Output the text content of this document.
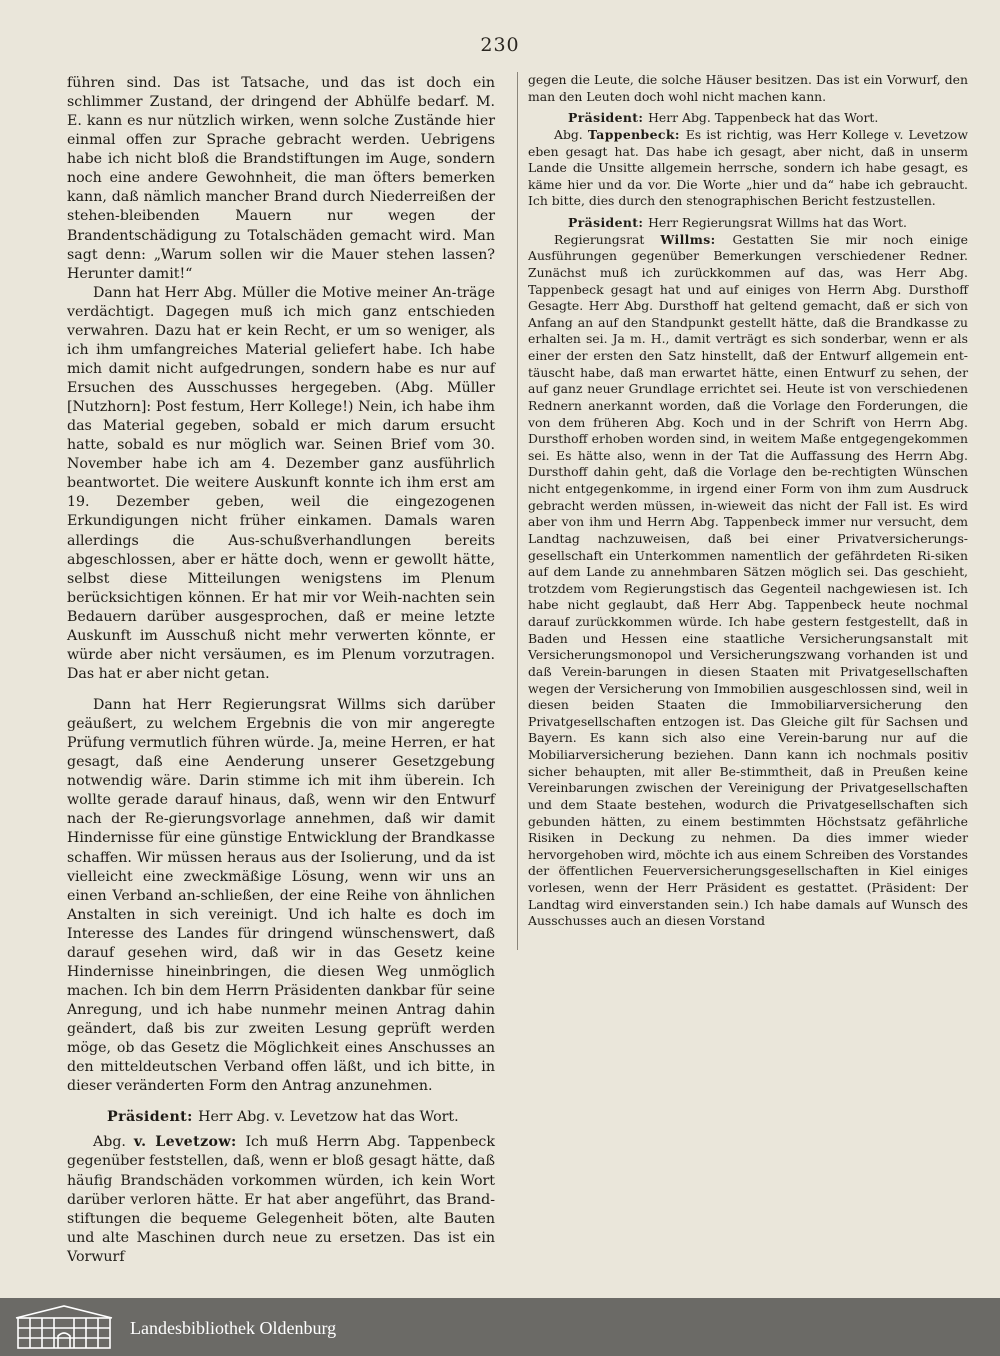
230

führen sind. Das ist Tatsache, und das ist doch ein schlimmer Zustand, der dringend der Abhülfe bedarf. M. E. kann es nur nützlich wirken, wenn solche Zustände hier einmal offen zur Sprache gebracht werden. Uebrigens habe ich nicht bloß die Brandstiftungen im Auge, sondern noch eine andere Gewohnheit, die man öfters bemerken kann, daß nämlich mancher Brand durch Niederreißen der stehen-bleibenden Mauern nur wegen der Brandentschädigung zu Totalschäden gemacht wird. Man sagt denn: „Warum sollen wir die Mauer stehen lassen? Herunter damit!“

Dann hat Herr Abg. Müller die Motive meiner An-träge verdächtigt. Dagegen muß ich mich ganz entschieden verwahren. Dazu hat er kein Recht, er um so weniger, als ich ihm umfangreiches Material geliefert habe. Ich habe mich damit nicht aufgedrungen, sondern habe es nur auf Ersuchen des Ausschusses hergegeben. (Abg. Müller [Nutzhorn]: Post festum, Herr Kollege!) Nein, ich habe ihm das Material gegeben, sobald er mich darum ersucht hatte, sobald es nur möglich war. Seinen Brief vom 30. November habe ich am 4. Dezember ganz ausführlich beantwortet. Die weitere Auskunft konnte ich ihm erst am 19. Dezember geben, weil die eingezogenen Erkundigungen nicht früher einkamen. Damals waren allerdings die Aus-schußverhandlungen bereits abgeschlossen, aber er hätte doch, wenn er gewollt hätte, selbst diese Mitteilungen wenigstens im Plenum berücksichtigen können. Er hat mir vor Weih-nachten sein Bedauern darüber ausgesprochen, daß er meine letzte Auskunft im Ausschuß nicht mehr verwerten könnte, er würde aber nicht versäumen, es im Plenum vorzutragen. Das hat er aber nicht getan.

Dann hat Herr Regierungsrat Willms sich darüber geäußert, zu welchem Ergebnis die von mir angeregte Prüfung vermutlich führen würde. Ja, meine Herren, er hat gesagt, daß eine Aenderung unserer Gesetzgebung notwendig wäre. Darin stimme ich mit ihm überein. Ich wollte gerade darauf hinaus, daß, wenn wir den Entwurf nach der Re-gierungsvorlage annehmen, daß wir damit Hindernisse für eine günstige Entwicklung der Brandkasse schaffen. Wir müssen heraus aus der Isolierung, und da ist vielleicht eine zweckmäßige Lösung, wenn wir uns an einen Verband an-schließen, der eine Reihe von ähnlichen Anstalten in sich vereinigt. Und ich halte es doch im Interesse des Landes für dringend wünschenswert, daß darauf gesehen wird, daß wir in das Gesetz keine Hindernisse hineinbringen, die diesen Weg unmöglich machen. Ich bin dem Herrn Präsidenten dankbar für seine Anregung, und ich habe nunmehr meinen Antrag dahin geändert, daß bis zur zweiten Lesung geprüft werden möge, ob das Gesetz die Möglichkeit eines Anschusses an den mitteldeutschen Verband offen läßt, und ich bitte, in dieser veränderten Form den Antrag anzunehmen.

Präsident: Herr Abg. v. Levetzow hat das Wort.

Abg. v. Levetzow: Ich muß Herrn Abg. Tappenbeck gegenüber feststellen, daß, wenn er bloß gesagt hätte, daß häufig Brandschäden vorkommen würden, ich kein Wort darüber verloren hätte. Er hat aber angeführt, das Brand-stiftungen die bequeme Gelegenheit böten, alte Bauten und alte Maschinen durch neue zu ersetzen. Das ist ein Vorwurf

gegen die Leute, die solche Häuser besitzen. Das ist ein Vorwurf, den man den Leuten doch wohl nicht machen kann.

Präsident: Herr Abg. Tappenbeck hat das Wort.

Abg. Tappenbeck: Es ist richtig, was Herr Kollege v. Levetzow eben gesagt hat. Das habe ich gesagt, aber nicht, daß in unserm Lande die Unsitte allgemein herrsche, sondern ich habe gesagt, es käme hier und da vor. Die Worte „hier und da“ habe ich gebraucht. Ich bitte, dies durch den stenographischen Bericht festzustellen.

Präsident: Herr Regierungsrat Willms hat das Wort.

Regierungsrat Willms: Gestatten Sie mir noch einige Ausführungen gegenüber Bemerkungen verschiedener Redner. Zunächst muß ich zurückkommen auf das, was Herr Abg. Tappenbeck gesagt hat und auf einiges von Herrn Abg. Dursthoff Gesagte. Herr Abg. Dursthoff hat geltend gemacht, daß er sich von Anfang an auf den Standpunkt gestellt hätte, daß die Brandkasse zu erhalten sei. Ja m. H., damit verträgt es sich sonderbar, wenn er als einer der ersten den Satz hinstellt, daß der Entwurf allgemein ent-täuscht habe, daß man erwartet hätte, einen Entwurf zu sehen, der auf ganz neuer Grundlage errichtet sei. Heute ist von verschiedenen Rednern anerkannt worden, daß die Vorlage den Forderungen, die von dem früheren Abg. Koch und in der Schrift von Herrn Abg. Dursthoff erhoben worden sind, in weitem Maße entgegengekommen sei. Es hätte also, wenn in der Tat die Auffassung des Herrn Abg. Dursthoff dahin geht, daß die Vorlage den be-rechtigten Wünschen nicht entgegenkomme, in irgend einer Form von ihm zum Ausdruck gebracht werden müssen, in-wieweit das nicht der Fall ist. Es wird aber von ihm und Herrn Abg. Tappenbeck immer nur versucht, dem Landtag nachzuweisen, daß bei einer Privatversicherungs-gesellschaft ein Unterkommen namentlich der gefährdeten Ri-siken auf dem Lande zu annehmbaren Sätzen möglich sei. Das geschieht, trotzdem vom Regierungstisch das Gegenteil nachgewiesen ist. Ich habe nicht geglaubt, daß Herr Abg. Tappenbeck heute nochmal darauf zurückkommen würde. Ich habe gestern festgestellt, daß in Baden und Hessen eine staatliche Versicherungsanstalt mit Versicherungsmonopol und Versicherungszwang vorhanden ist und daß Verein-barungen in diesen Staaten mit Privatgesellschaften wegen der Versicherung von Immobilien ausgeschlossen sind, weil in diesen beiden Staaten die Immobiliarversicherung den Privatgesellschaften entzogen ist. Das Gleiche gilt für Sachsen und Bayern. Es kann sich also eine Verein-barung nur auf die Mobiliarversicherung beziehen. Dann kann ich nochmals positiv sicher behaupten, mit aller Be-stimmtheit, daß in Preußen keine Vereinbarungen zwischen der Vereinigung der Privatgesellschaften und dem Staate bestehen, wodurch die Privatgesellschaften sich gebunden hätten, zu einem bestimmten Höchstsatz gefährliche Risiken in Deckung zu nehmen. Da dies immer wieder hervorgehoben wird, möchte ich aus einem Schreiben des Vorstandes der öffentlichen Feuerversicherungsgesellschaften in Kiel einiges vorlesen, wenn der Herr Präsident es gestattet. (Präsident: Der Landtag wird einverstanden sein.) Ich habe damals auf Wunsch des Ausschusses auch an diesen Vorstand

Landesbibliothek Oldenburg
